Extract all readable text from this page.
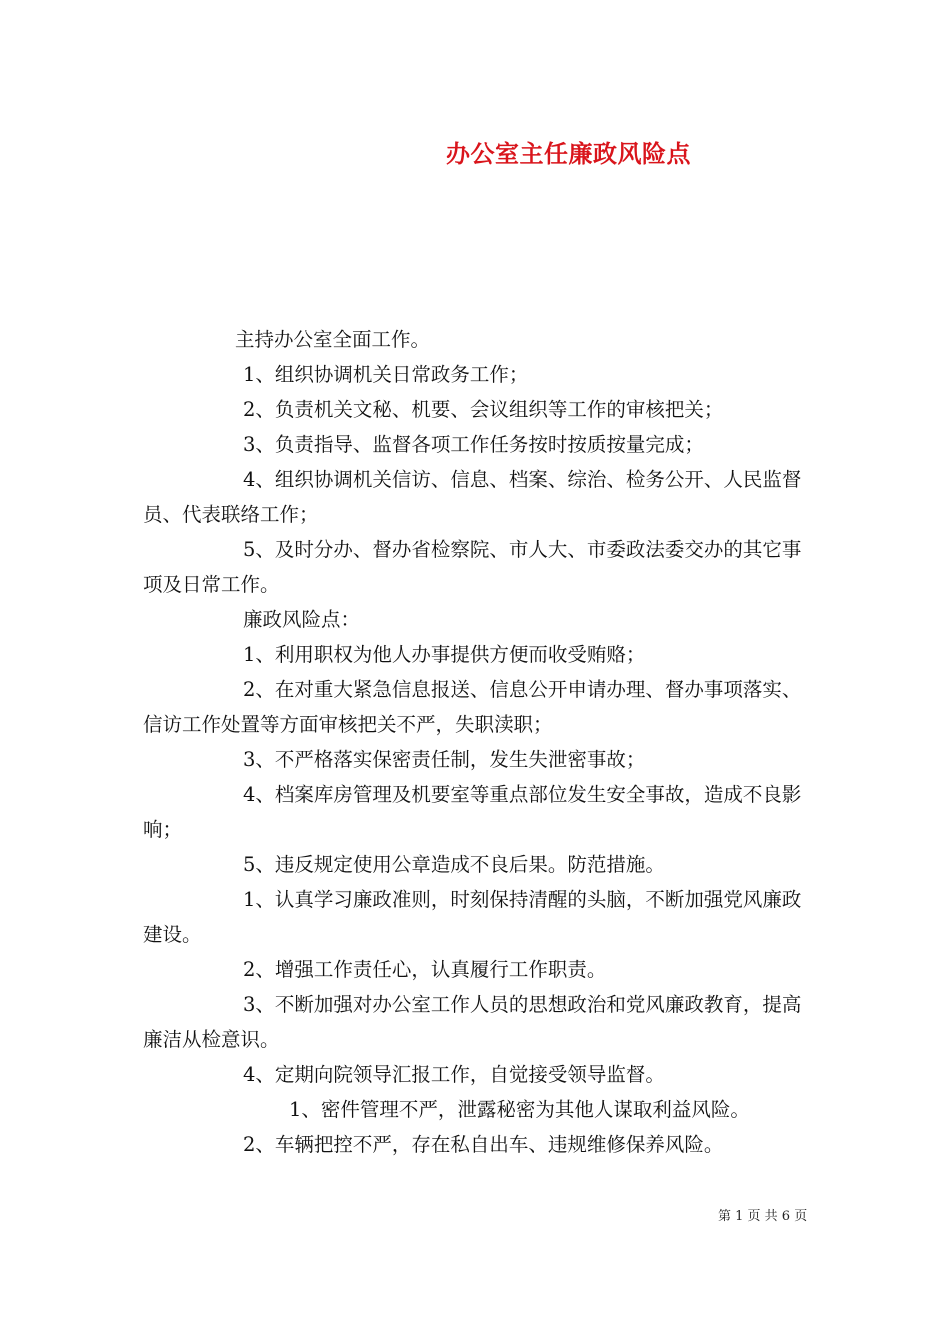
办公室主任廉政风险点

主持办公室全面工作。

1、组织协调机关日常政务工作；

2、负责机关文秘、机要、会议组织等工作的审核把关；

3、负责指导、监督各项工作任务按时按质按量完成；

4、组织协调机关信访、信息、档案、综治、检务公开、人民监督员、代表联络工作；

5、及时分办、督办省检察院、市人大、市委政法委交办的其它事项及日常工作。

廉政风险点：

1、利用职权为他人办事提供方便而收受贿赂；

2、在对重大紧急信息报送、信息公开申请办理、督办事项落实、信访工作处置等方面审核把关不严，失职渎职；

3、不严格落实保密责任制，发生失泄密事故；

4、档案库房管理及机要室等重点部位发生安全事故，造成不良影响；

5、违反规定使用公章造成不良后果。防范措施。

1、认真学习廉政准则，时刻保持清醒的头脑，不断加强党风廉政建设。

2、增强工作责任心，认真履行工作职责。

3、不断加强对办公室工作人员的思想政治和党风廉政教育，提高廉洁从检意识。

4、定期向院领导汇报工作，自觉接受领导监督。

1、密件管理不严，泄露秘密为其他人谋取利益风险。

2、车辆把控不严，存在私自出车、违规维修保养风险。

第 1 页 共 6 页
